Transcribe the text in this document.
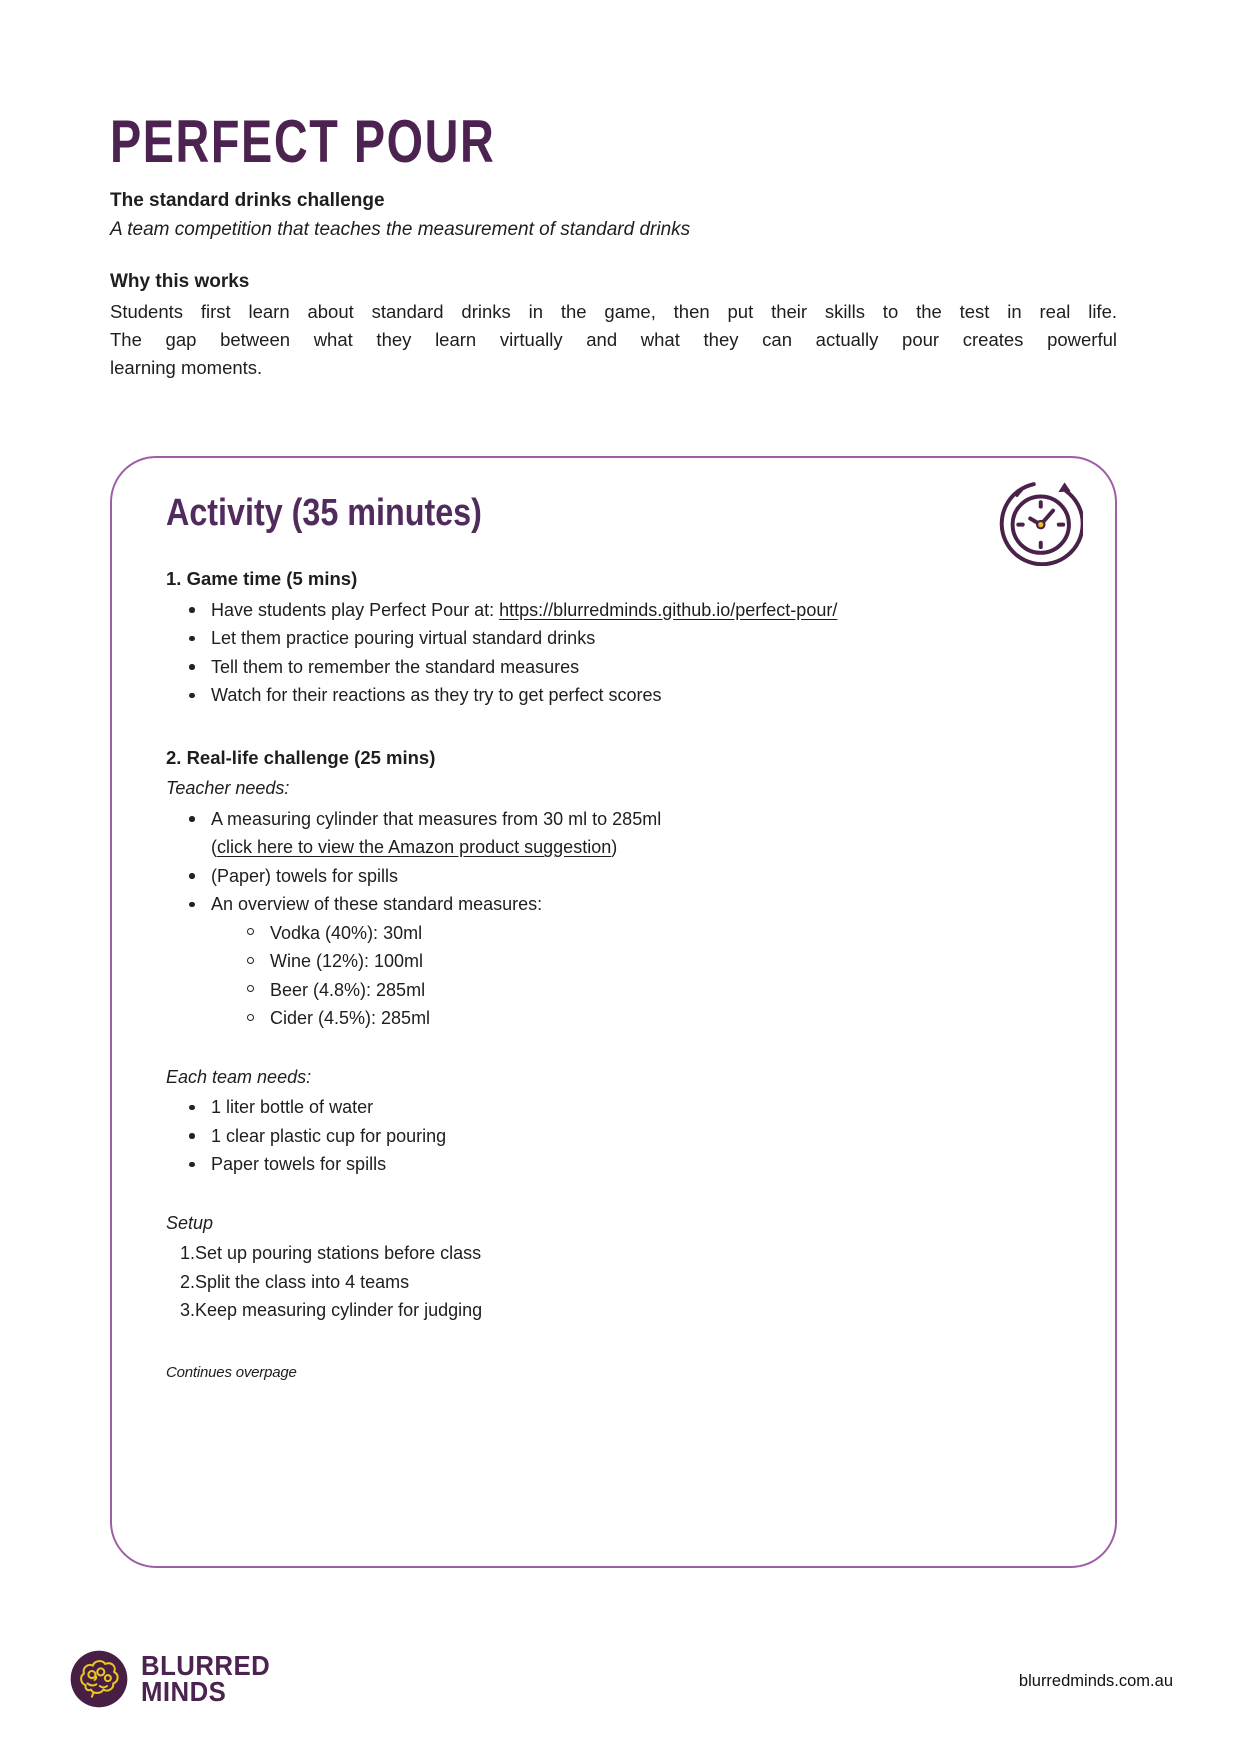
PERFECT POUR
The standard drinks challenge
A team competition that teaches the measurement of standard drinks
Why this works
Students first learn about standard drinks in the game, then put their skills to the test in real life.
The gap between what they learn virtually and what they can actually pour creates powerful
learning moments.
Activity (35 minutes)
1. Game time (5 mins)
Have students play Perfect Pour at: https://blurredminds.github.io/perfect-pour/
Let them practice pouring virtual standard drinks
Tell them to remember the standard measures
Watch for their reactions as they try to get perfect scores
2. Real-life challenge (25 mins)
Teacher needs:
A measuring cylinder that measures from 30 ml to 285ml
(click here to view the Amazon product suggestion)
(Paper) towels for spills
An overview of these standard measures:
Vodka (40%): 30ml
Wine (12%): 100ml
Beer (4.8%): 285ml
Cider (4.5%): 285ml
Each team needs:
1 liter bottle of water
1 clear plastic cup for pouring
Paper towels for spills
Setup
1.Set up pouring stations before class
2.Split the class into 4 teams
3.Keep measuring cylinder for judging
Continues overpage
BLURRED
MINDS	blurredminds.com.au
